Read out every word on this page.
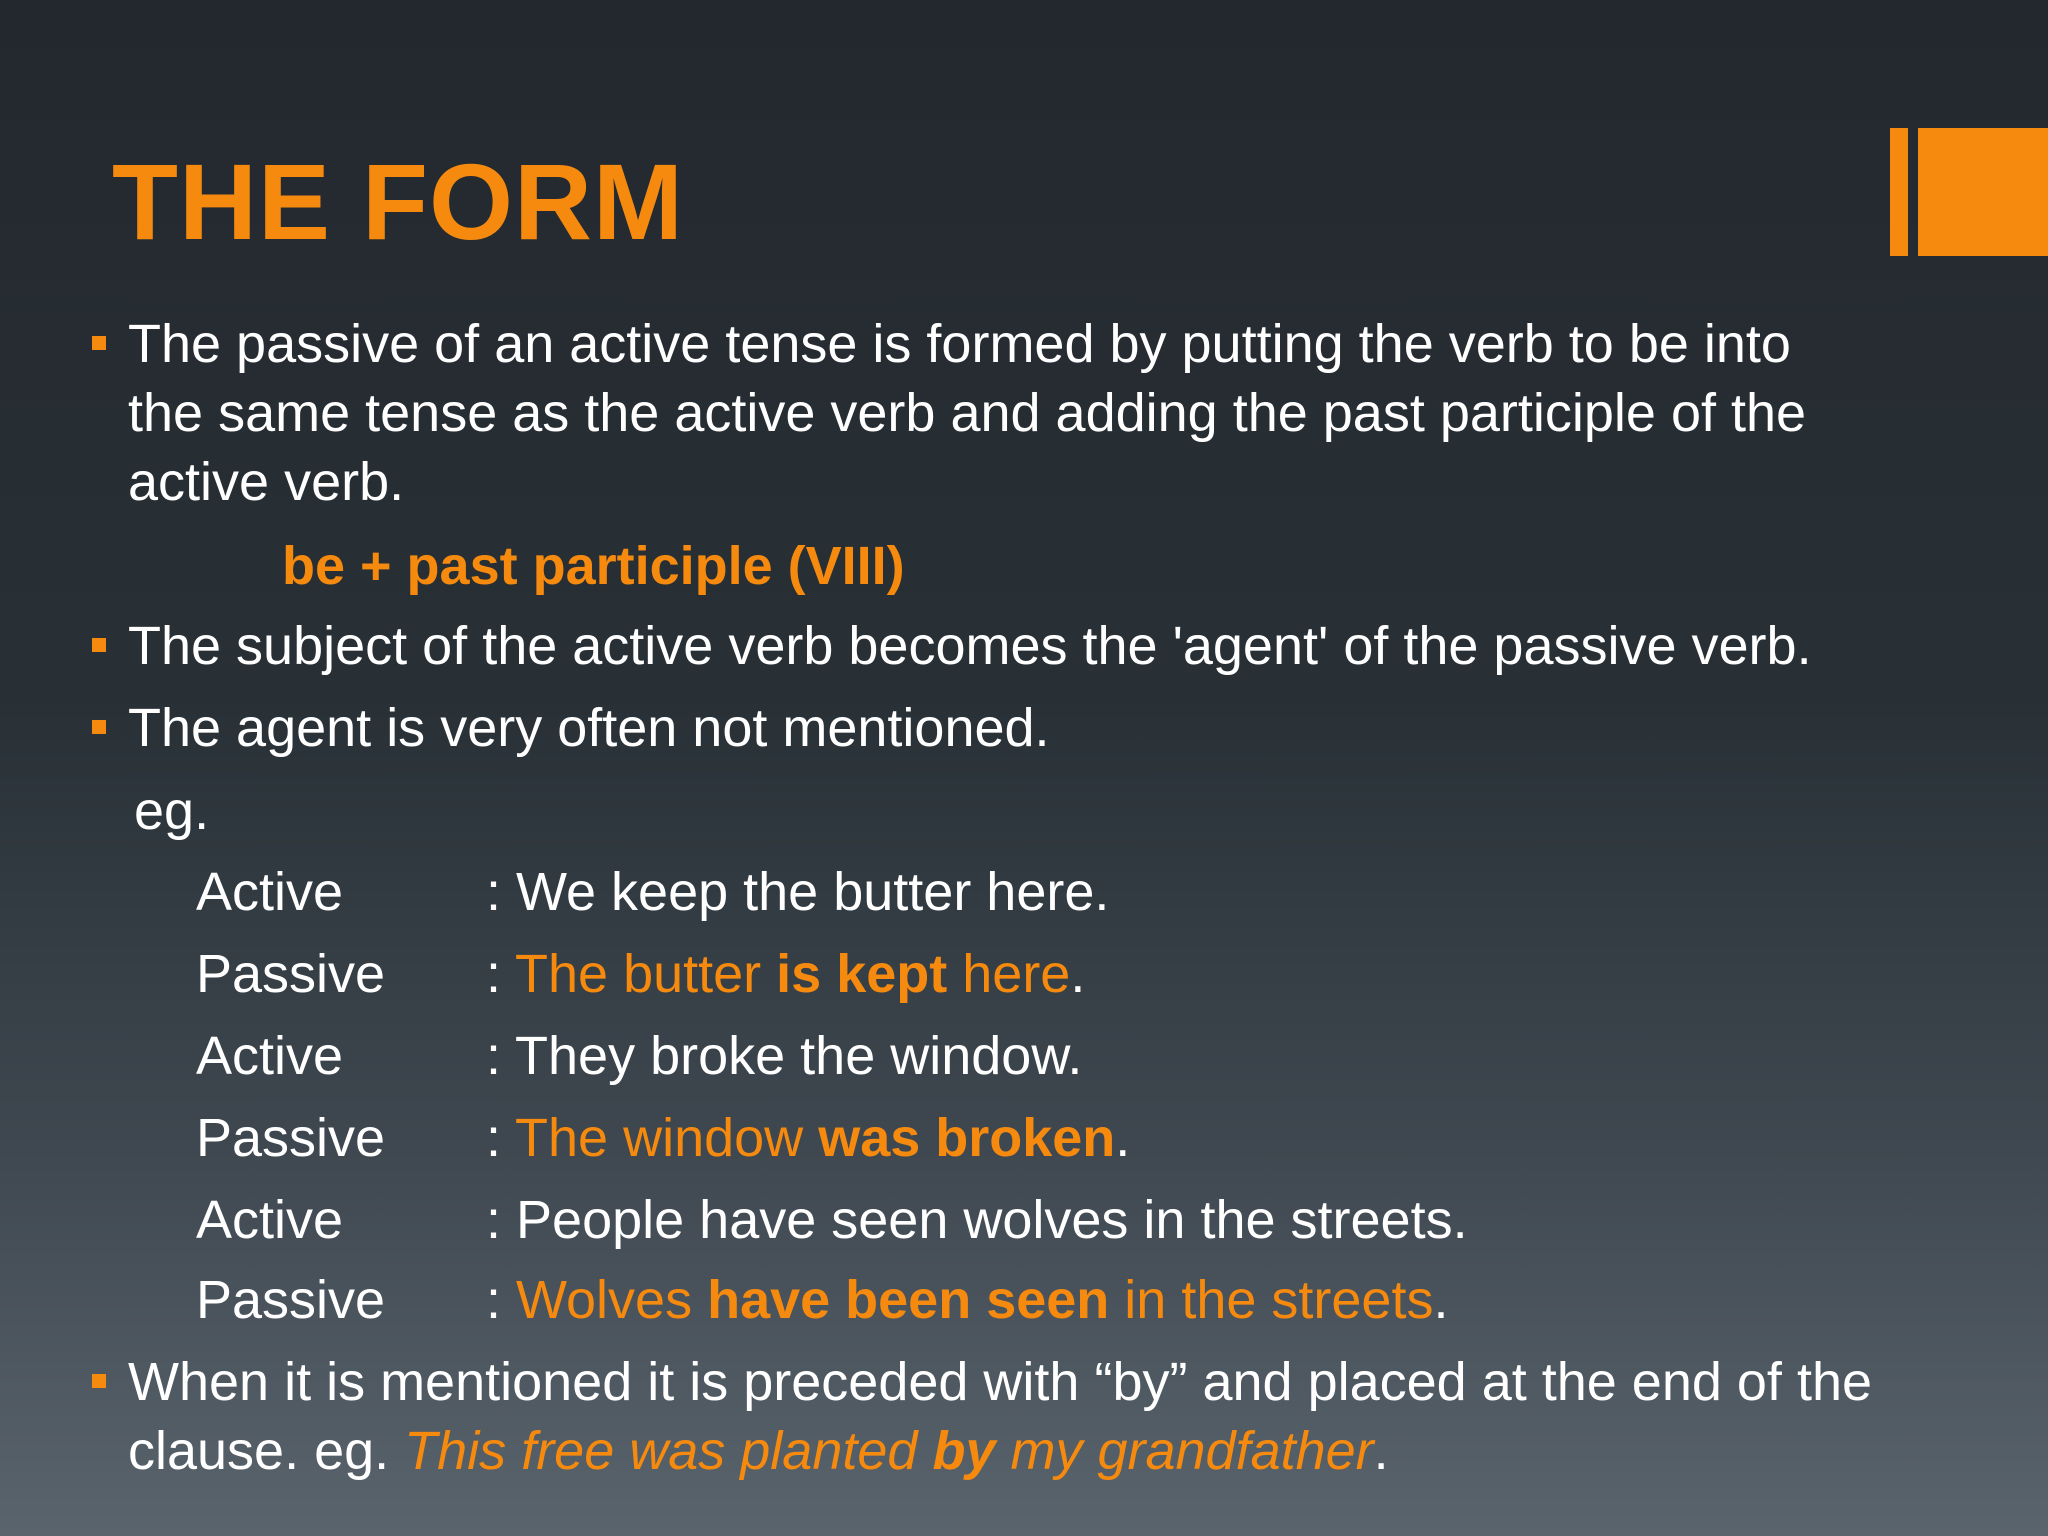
THE FORM
The passive of an active tense is formed by putting the verb to be into
the same tense as the active verb and adding the past participle of the
active verb.
be + past participle (VIII)
The subject of the active verb becomes the 'agent' of the passive verb.
The agent is very often not mentioned.
eg.
Active	: We keep the butter here.
Passive : The butter is kept here.
Active	: They broke the window.
Passive : The window was broken.
Active	: People have seen wolves in the streets.
Passive : Wolves have been seen in the streets.
When it is mentioned it is preceded with “by” and placed at the end of the
clause. eg. This free was planted by my grandfather.
